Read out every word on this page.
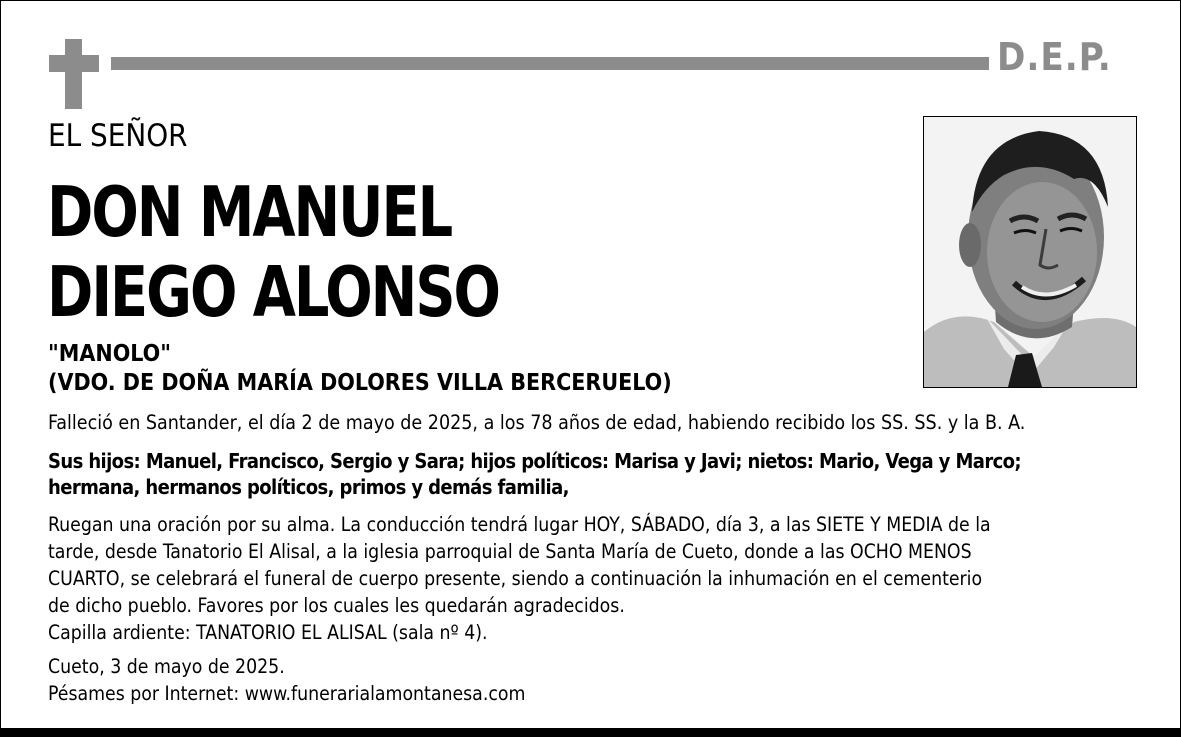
D.E.P.
EL SEÑOR
DON MANUEL
DIEGO ALONSO
"MANOLO"
(VDO. DE DOÑA MARÍA DOLORES VILLA BERCERUELO)
Falleció en Santander, el día 2 de mayo de 2025, a los 78 años de edad, habiendo recibido los SS. SS. y la B. A.
Sus hijos: Manuel, Francisco, Sergio y Sara; hijos políticos: Marisa y Javi; nietos: Mario, Vega y Marco;
hermana, hermanos políticos, primos y demás familia,
Ruegan una oración por su alma. La conducción tendrá lugar HOY, SÁBADO, día 3, a las SIETE Y MEDIA de la
tarde, desde Tanatorio El Alisal, a la iglesia parroquial de Santa María de Cueto, donde a las OCHO MENOS
CUARTO, se celebrará el funeral de cuerpo presente, siendo a continuación la inhumación en el cementerio
de dicho pueblo. Favores por los cuales les quedarán agradecidos.
Capilla ardiente: TANATORIO EL ALISAL (sala nº 4).
Cueto, 3 de mayo de 2025.
Pésames por Internet: www.funerarialamontanesa.com
